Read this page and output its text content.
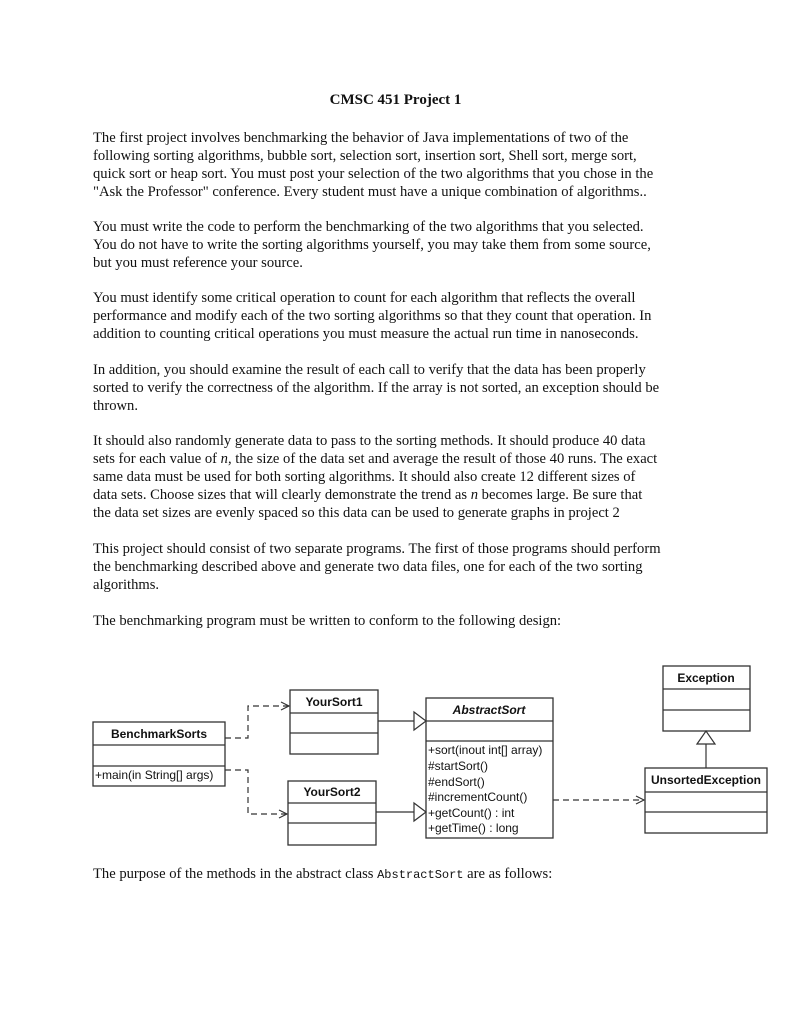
CMSC 451 Project 1
The first project involves benchmarking the behavior of Java implementations of two of the
following sorting algorithms, bubble sort, selection sort, insertion sort, Shell sort, merge sort,
quick sort or heap sort. You must post your selection of the two algorithms that you chose in the
"Ask the Professor" conference. Every student must have a unique combination of algorithms..
You must write the code to perform the benchmarking of the two algorithms that you selected.
You do not have to write the sorting algorithms yourself, you may take them from some source,
but you must reference your source.
You must identify some critical operation to count for each algorithm that reflects the overall
performance and modify each of the two sorting algorithms so that they count that operation. In
addition to counting critical operations you must measure the actual run time in nanoseconds.
In addition, you should examine the result of each call to verify that the data has been properly
sorted to verify the correctness of the algorithm. If the array is not sorted, an exception should be
thrown.
It should also randomly generate data to pass to the sorting methods. It should produce 40 data
sets for each value of n, the size of the data set and average the result of those 40 runs. The exact
same data must be used for both sorting algorithms. It should also create 12 different sizes of
data sets. Choose sizes that will clearly demonstrate the trend as n becomes large. Be sure that
the data set sizes are evenly spaced so this data can be used to generate graphs in project 2
This project should consist of two separate programs. The first of those programs should perform
the benchmarking described above and generate two data files, one for each of the two sorting
algorithms.
The benchmarking program must be written to conform to the following design:
BenchmarkSorts
+main(in String[] args)
YourSort1
YourSort2
AbstractSort
+sort(inout int[] array)
#startSort()
#endSort()
#incrementCount()
+getCount() : int
+getTime() : long
Exception
UnsortedException
The purpose of the methods in the abstract class AbstractSort are as follows:
